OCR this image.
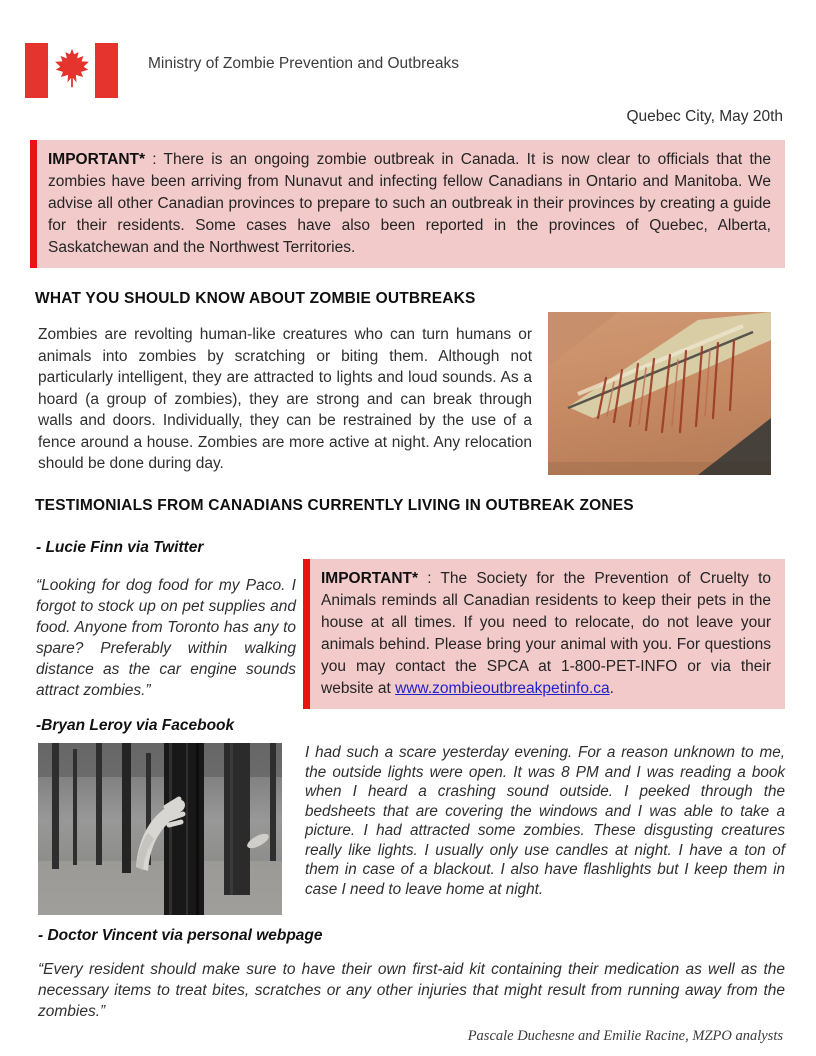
Ministry of Zombie Prevention and Outbreaks
Quebec City, May 20th

IMPORTANT* : There is an ongoing zombie outbreak in Canada. It is now clear to officials that the zombies have been arriving from Nunavut and infecting fellow Canadians in Ontario and Manitoba. We advise all other Canadian provinces to prepare to such an outbreak in their provinces by creating a guide for their residents. Some cases have also been reported in the provinces of Quebec, Alberta, Saskatchewan and the Northwest Territories.

WHAT YOU SHOULD KNOW ABOUT ZOMBIE OUTBREAKS

Zombies are revolting human-like creatures who can turn humans or animals into zombies by scratching or biting them. Although not particularly intelligent, they are attracted to lights and loud sounds. As a hoard (a group of zombies), they are strong and can break through walls and doors. Individually, they can be restrained by the use of a fence around a house. Zombies are more active at night. Any relocation should be done during day.

TESTIMONIALS FROM CANADIANS CURRENTLY LIVING IN OUTBREAK ZONES

- Lucie Finn via Twitter

“Looking for dog food for my Paco. I forgot to stock up on pet supplies and food. Anyone from Toronto has any to spare? Preferably within walking distance as the car engine sounds attract zombies.”

IMPORTANT* : The Society for the Prevention of Cruelty to Animals reminds all Canadian residents to keep their pets in the house at all times. If you need to relocate, do not leave your animals behind. Please bring your animal with you. For questions you may contact the SPCA at 1-800-PET-INFO or via their website at www.zombieoutbreakpetinfo.ca.

-Bryan Leroy via Facebook

I had such a scare yesterday evening. For a reason unknown to me, the outside lights were open. It was 8 PM and I was reading a book when I heard a crashing sound outside. I peeked through the bedsheets that are covering the windows and I was able to take a picture. I had attracted some zombies. These disgusting creatures really like lights. I usually only use candles at night. I have a ton of them in case of a blackout. I also have flashlights but I keep them in case I need to leave home at night.

- Doctor Vincent via personal webpage

“Every resident should make sure to have their own first-aid kit containing their medication as well as the necessary items to treat bites, scratches or any other injuries that might result from running away from the zombies.”

Pascale Duchesne and Emilie Racine, MZPO analysts
